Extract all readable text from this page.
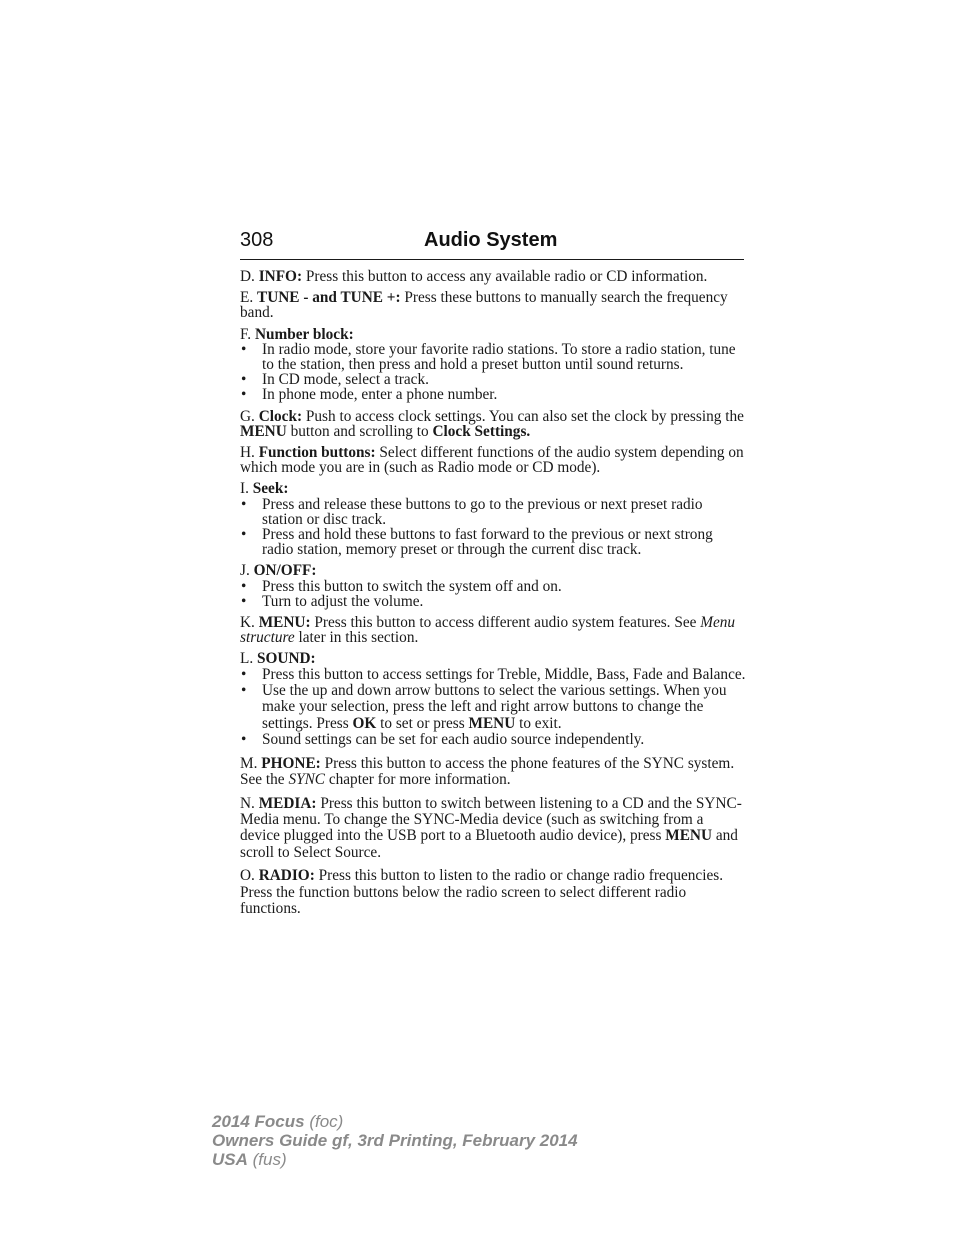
308	Audio System

D. INFO: Press this button to access any available radio or CD information.

E. TUNE - and TUNE +: Press these buttons to manually search the frequency band.

F. Number block:

• In radio mode, store your favorite radio stations. To store a radio station, tune to the station, then press and hold a preset button until sound returns.
• In CD mode, select a track.
• In phone mode, enter a phone number.

G. Clock: Push to access clock settings. You can also set the clock by pressing the MENU button and scrolling to Clock Settings.

H. Function buttons: Select different functions of the audio system depending on which mode you are in (such as Radio mode or CD mode).

I. Seek:

• Press and release these buttons to go to the previous or next preset radio station or disc track.
• Press and hold these buttons to fast forward to the previous or next strong radio station, memory preset or through the current disc track.

J. ON/OFF:

• Press this button to switch the system off and on.
• Turn to adjust the volume.

K. MENU: Press this button to access different audio system features. See Menu structure later in this section.

L. SOUND:

• Press this button to access settings for Treble, Middle, Bass, Fade and Balance.
• Use the up and down arrow buttons to select the various settings. When you make your selection, press the left and right arrow buttons to change the settings. Press OK to set or press MENU to exit.
• Sound settings can be set for each audio source independently.

M. PHONE: Press this button to access the phone features of the SYNC system. See the SYNC chapter for more information.

N. MEDIA: Press this button to switch between listening to a CD and the SYNC-Media menu. To change the SYNC-Media device (such as switching from a device plugged into the USB port to a Bluetooth audio device), press MENU and scroll to Select Source.

O. RADIO: Press this button to listen to the radio or change radio frequencies. Press the function buttons below the radio screen to select different radio functions.

2014 Focus (foc)
Owners Guide gf, 3rd Printing, February 2014
USA (fus)
